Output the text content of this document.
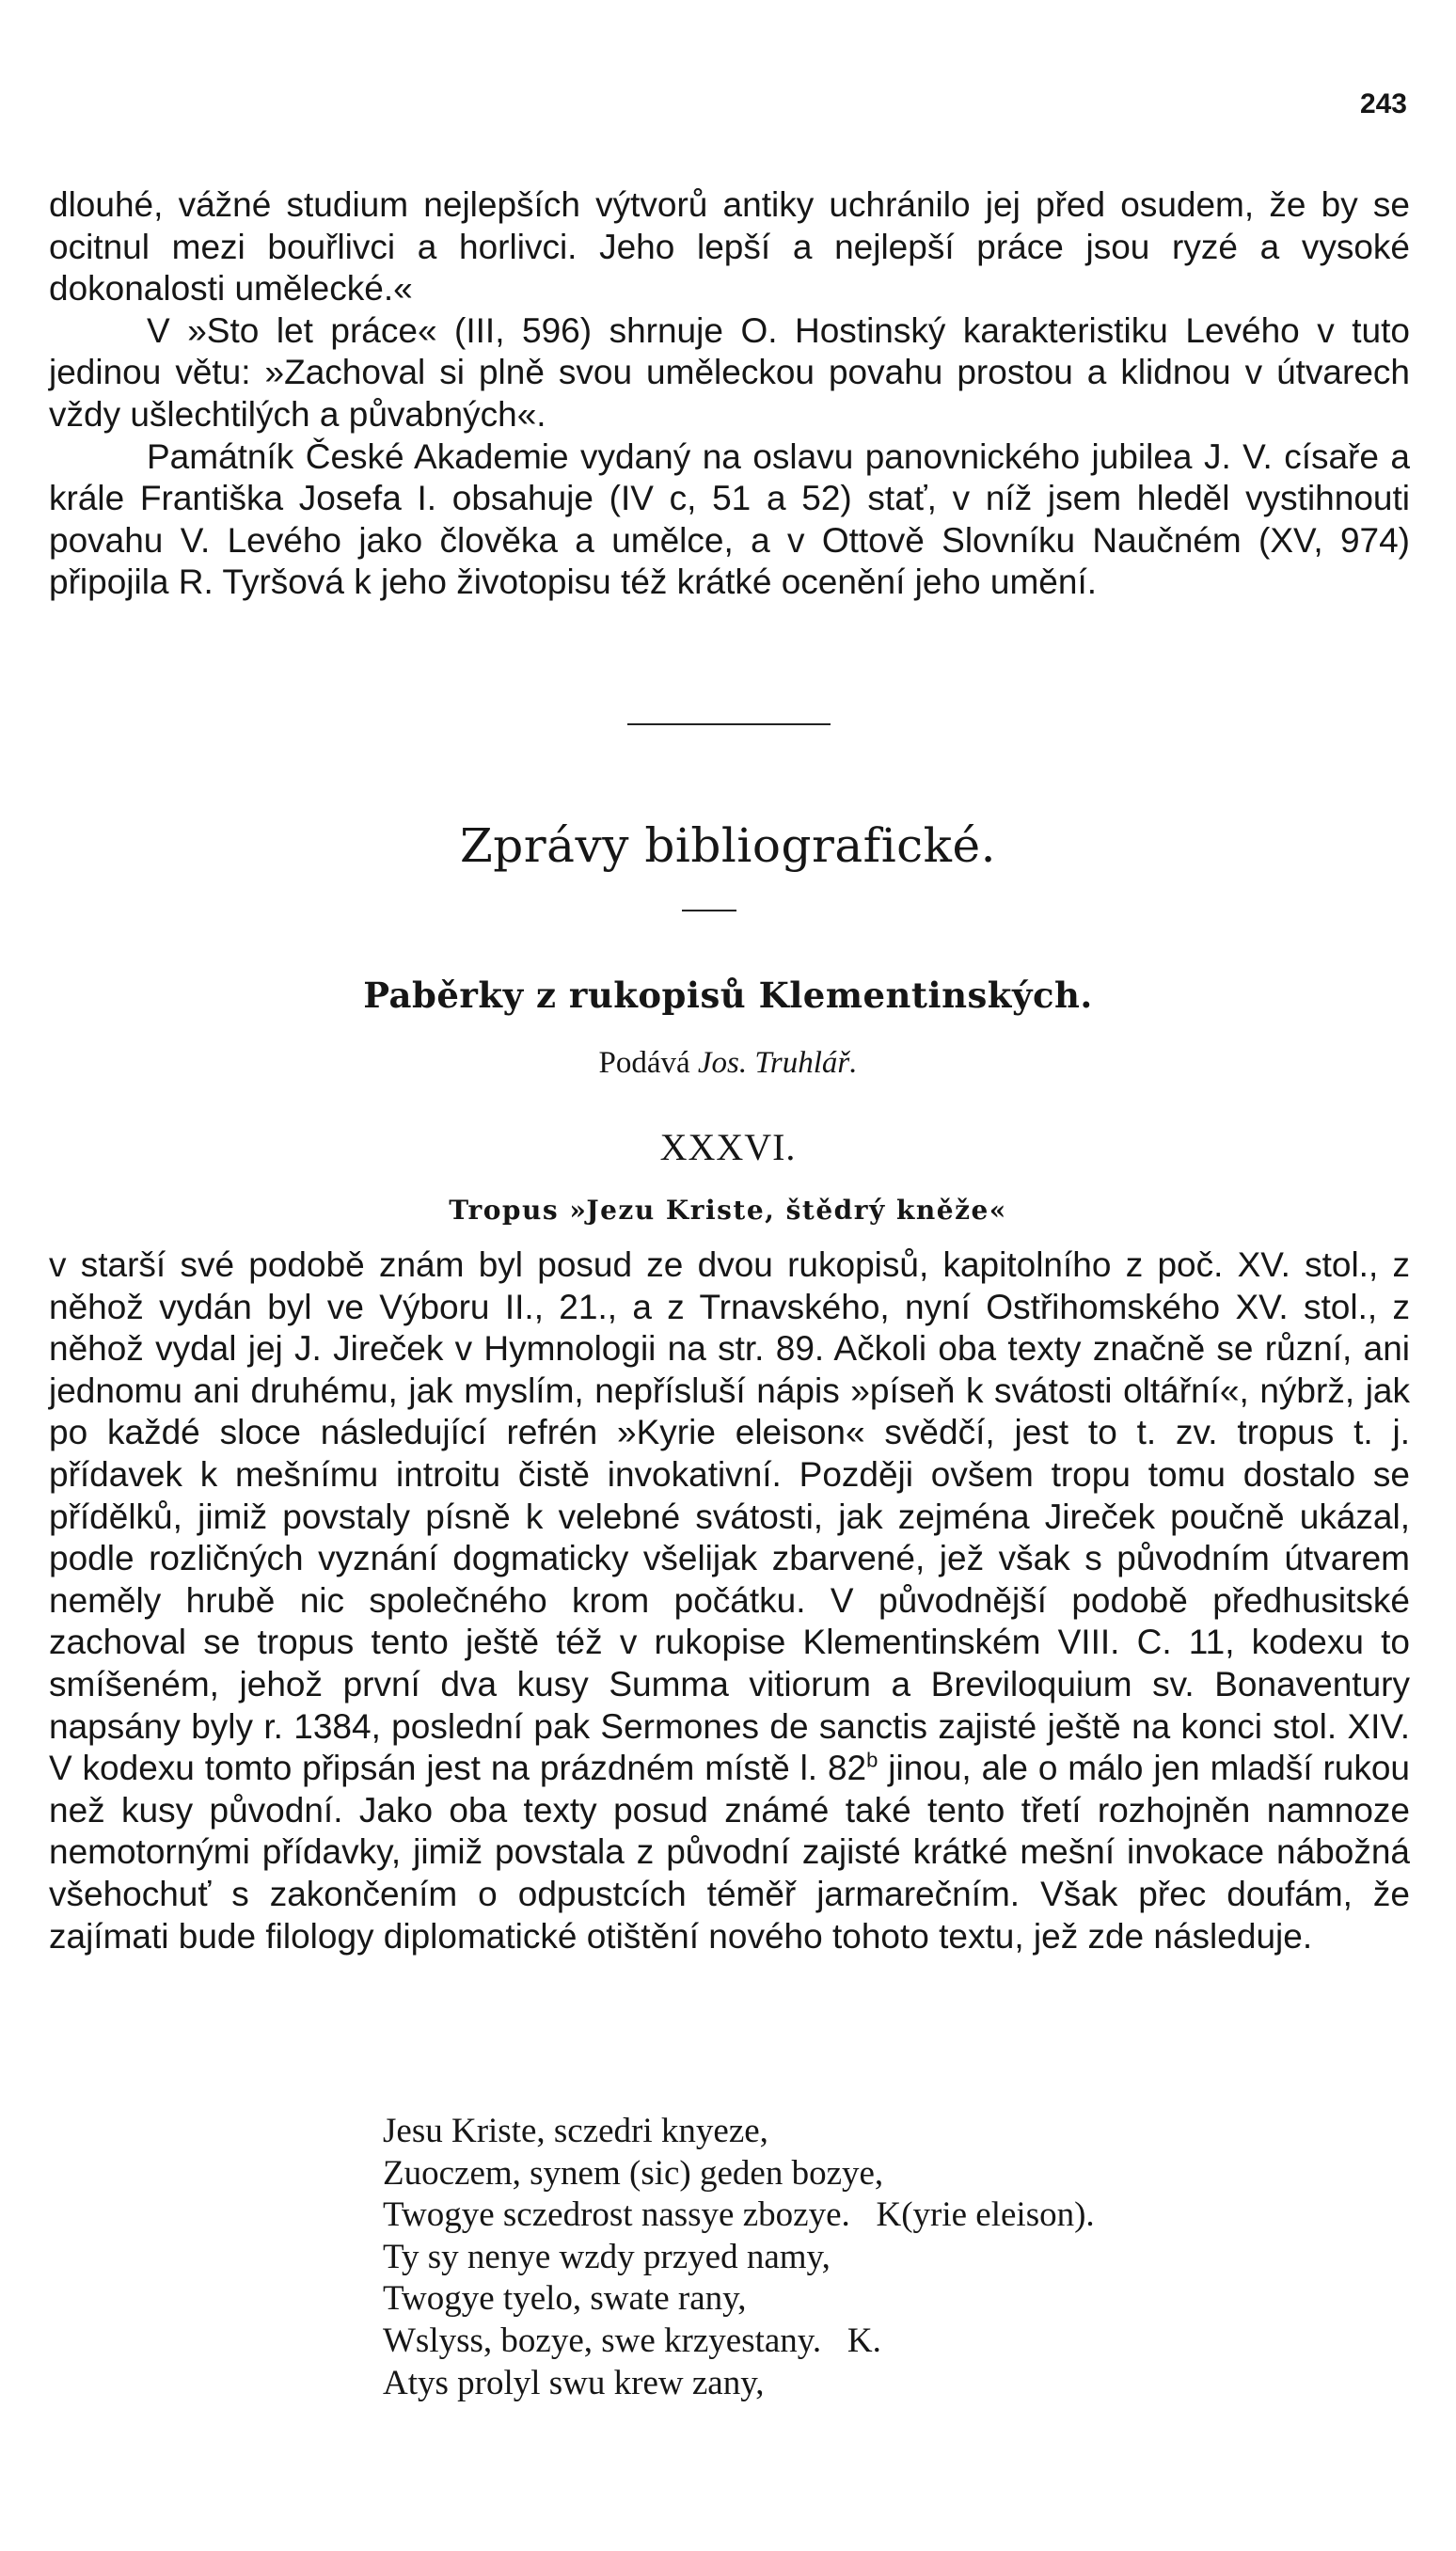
243

dlouhé, vážné studium nejlepších výtvorů antiky uchránilo jej před osudem, že by se ocitnul mezi bouřlivci a horlivci. Jeho lepší a nejlepší práce jsou ryzé a vysoké dokonalosti umělecké.«

V »Sto let práce« (III, 596) shrnuje O. Hostinský karakteristiku Levého v tuto jedinou větu: »Zachoval si plně svou uměleckou povahu prostou a klidnou v útvarech vždy ušlechtilých a půvabných«.

Památník České Akademie vydaný na oslavu panovnického jubilea J. V. císaře a krále Františka Josefa I. obsahuje (IV c, 51 a 52) stať, v níž jsem hleděl vystihnouti povahu V. Levého jako člověka a umělce, a v Ottově Slovníku Naučném (XV, 974) připojila R. Tyršová k jeho životopisu též krátké ocenění jeho umění.

Zprávy bibliografické.
Paběrky z rukopisů Klementinských.
Podává Jos. Truhlář.
XXXVI.
Tropus »Jezu Kriste, štědrý kněže«

v starší své podobě znám byl posud ze dvou rukopisů, kapitolního z poč. XV. stol., z něhož vydán byl ve Výboru II., 21., a z Trnavského, nyní Ostřihomského XV. stol., z něhož vydal jej J. Jireček v Hymnologii na str. 89. Ačkoli oba texty značně se různí, ani jednomu ani druhému, jak myslím, nepřísluší nápis »píseň k svátosti oltářní«, nýbrž, jak po každé sloce následující refrén »Kyrie eleison« svědčí, jest to t. zv. tropus t. j. přídavek k mešnímu introitu čistě invokativní. Později ovšem tropu tomu dostalo se přídělků, jimiž povstaly písně k velebné svátosti, jak zejména Jireček poučně ukázal, podle rozličných vyznání dogmaticky všelijak zbarvené, jež však s původním útvarem neměly hrubě nic společného krom počátku. V původnější podobě předhusitské zachoval se tropus tento ještě též v rukopise Klementinském VIII. C. 11, kodexu to smíšeném, jehož první dva kusy Summa vitiorum a Breviloquium sv. Bonaventury napsány byly r. 1384, poslední pak Sermones de sanctis zajisté ještě na konci stol. XIV. V kodexu tomto připsán jest na prázdném místě l. 82$^b$ jinou, ale o málo jen mladší rukou než kusy původní. Jako oba texty posud známé také tento třetí rozhojněn namnoze nemotornými přídavky, jimiž povstala z původní zajisté krátké mešní invokace nábožná všehochuť s zakončením o odpustcích téměř jarmarečním. Však přec doufám, že zajímati bude filology diplomatické otištění nového tohoto textu, jež zde následuje.

Jesu Kriste, sczedri knyeze,
Zuoczem, synem (sic) geden bozye,
Twogye sczedrost nassye zbozye.   K(yrie eleison).
Ty sy nenye wzdy przyed namy,
Twogye tyelo, swate rany,
Wslyss, bozye, swe krzyestany.   K.
Atys prolyl swu krew zany,
